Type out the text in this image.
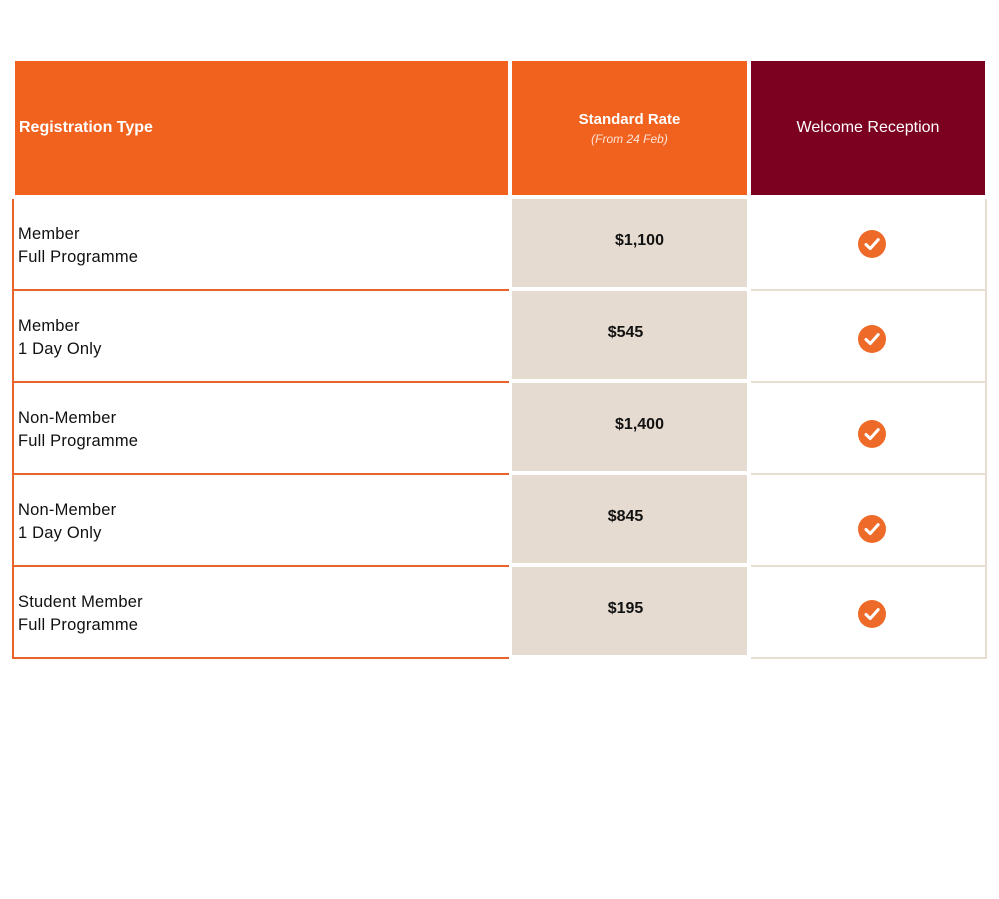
Registration Type	Standard Rate
(From 24 Feb)
Welcome Reception
Member
Full Programme
$1,100
Member
1 Day Only
$545
Non-Member
Full Programme
$1,400
Non-Member
1 Day Only
$845
Student Member
Full Programme
$195
